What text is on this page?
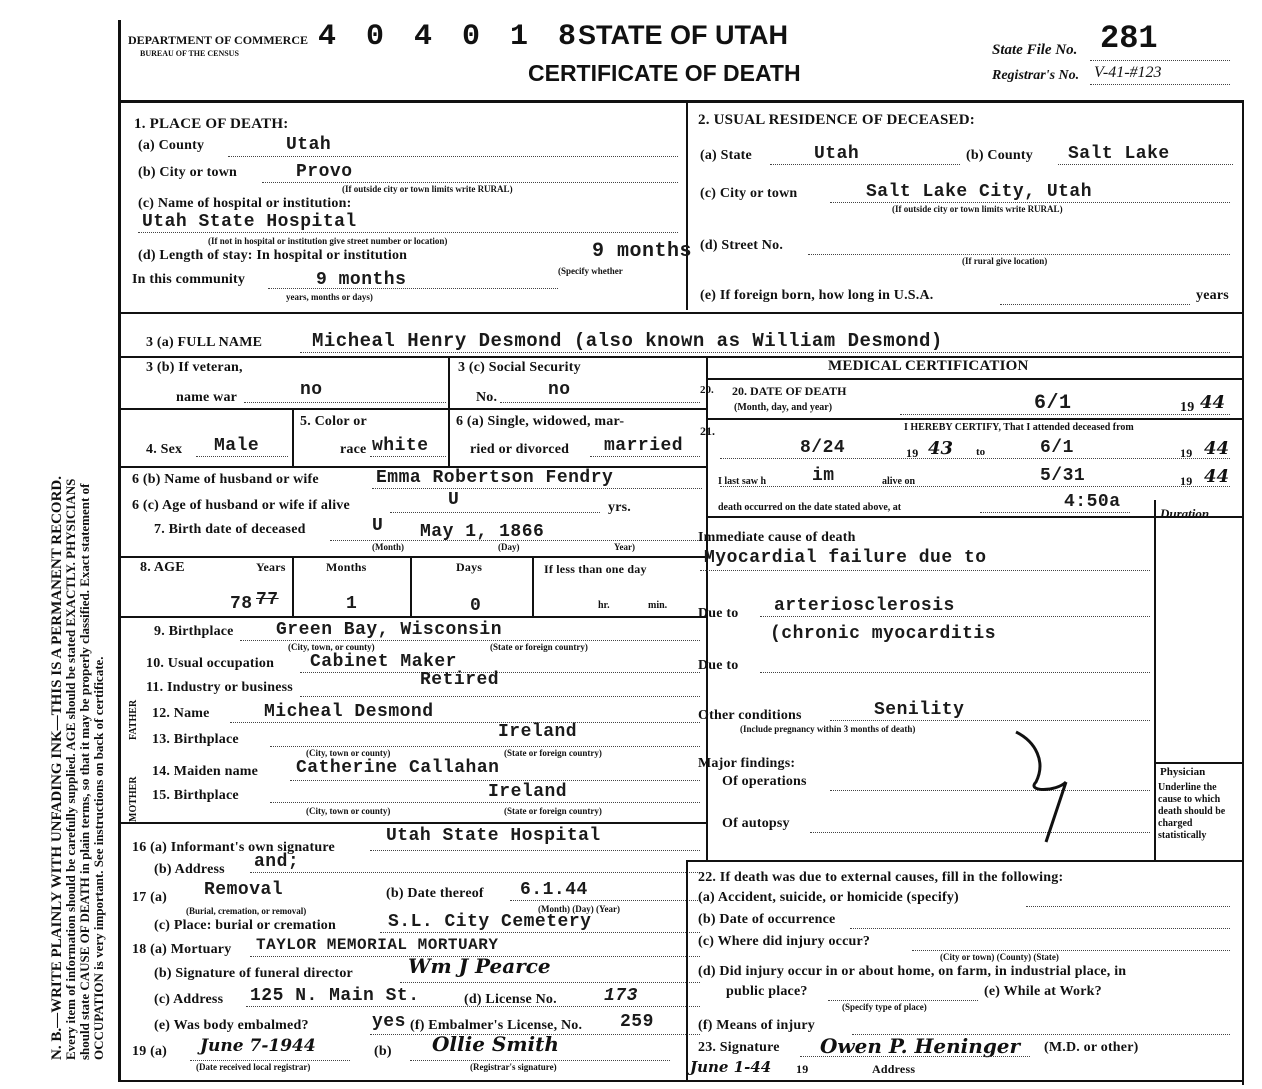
N. B.—WRITE PLAINLY WITH UNFADING INK—THIS IS A PERMANENT RECORD.
Every item of information should be carefully supplied. AGE should be stated EXACTLY. PHYSICIANS should state CAUSE OF DEATH in plain terms, so that it may be properly classified. Exact statement of OCCUPATION is very important. See instructions on back of certificate.
DEPARTMENT OF COMMERCE
BUREAU OF THE CENSUS	4 0 4 0 1 8
STATE OF UTAH
CERTIFICATE OF DEATH
State File No. 281
Registrar's No. V-41-#123
1. PLACE OF DEATH:
(a) County	Utah
(b) City or town	Provo
(If outside city or town limits write RURAL)
(c) Name of hospital or institution:
Utah State Hospital
(If not in hospital or institution give street number or location)
(d) Length of stay: In hospital or institution	9 months
In this community	9 months
years, months or days)
(Specify whether
2. USUAL RESIDENCE OF DECEASED:
(a) State	Utah	(b) County Salt Lake
(c) City or town	Salt Lake City, Utah
(If outside city or town limits write RURAL)
(d) Street No.
(If rural give location)
(e) If foreign born, how long in U.S.A.	years
3 (a) FULL NAME	Micheal Henry Desmond (also known as William Desmond)
3 (b) If veteran,
name war	no
3 (c) Social Security
No.	no
4. Sex Male
5. Color or
race white
6 (a) Single, widowed, mar-
ried or divorced married
6 (b) Name of husband or wife	Emma Robertson Fendry
6 (c) Age of husband or wife if alive	U	yrs.
7. Birth date of deceased	U May 1, 1866
(Month)	(Day)	Year)
8. AGE	Years	Months	Days	If less than one day
78 77	1	0	hr.	min.
9. Birthplace Green Bay, Wisconsin
(City, town, or county)	(State or foreign country)
10. Usual occupation Cabinet Maker
11. Industry or business	Retired
FATHER
MOTHER
12. Name	Micheal Desmond
13. Birthplace	Ireland
(City, town or county)	(State or foreign country)
14. Maiden name Catherine Callahan
15. Birthplace	Ireland
(City, town or county)	(State or foreign country)
16 (a) Informant's own signature
Utah State Hospital
(b) Address and;
17 (a) Removal
(Burial, cremation, or removal)
(b) Date thereof 6.1.44
(Month) (Day) (Year)
(c) Place: burial or cremation	S.L. City Cemetery
18 (a) Mortuary TAYLOR MEMORIAL MORTUARY
(b) Signature of funeral director	Wm J Pearce
(c) Address 125 N. Main St.	(d) License No.	173
(e) Was body embalmed?	yes (f) Embalmer's License, No. 259
19 (a) June 7-1944
(Date received local registrar)
(b) Ollie Smith
(Registrar's signature)
MEDICAL CERTIFICATION
20. 20. DATE OF DEATH
(Month, day, and year)	6/1	19 44
21.	I HEREBY CERTIFY, That I attended deceased from
8/24	19 43 to	6/1	19 44
I last saw h	im	alive on	5/31	19 44
death occurred on the date stated above, at	4:50a
Duration
Immediate cause of death
Myocardial failure due to
Due to arteriosclerosis
(chronic myocarditis
Due to
Other conditions	Senility
(Include pregnancy within 3 months of death)
Major findings:
Of operations
Of autopsy
Physician
Underline the cause to which death should be charged statistically
22. If death was due to external causes, fill in the following:
(a) Accident, suicide, or homicide (specify)
(b) Date of occurrence
(c) Where did injury occur?
(City or town) (County) (State)
(d) Did injury occur in or about home, on farm, in industrial place, in
public place?
(Specify type of place)
(e) While at Work?
(f) Means of injury
23. Signature Owen P. Heninger (M.D. or other)
June 1-44 19	Address
